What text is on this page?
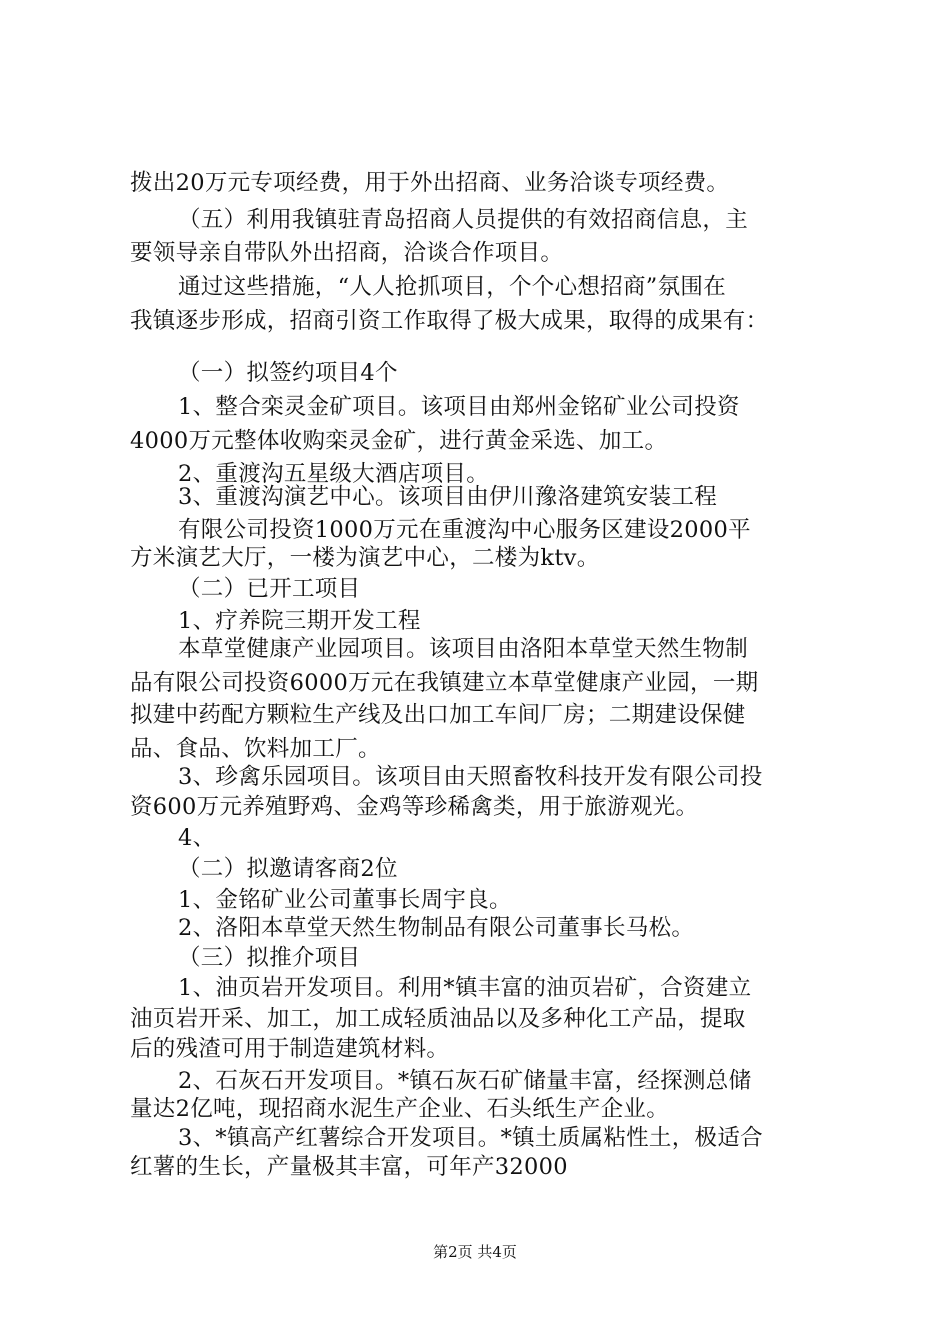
拨出20万元专项经费，用于外出招商、业务洽谈专项经费。
（五）利用我镇驻青岛招商人员提供的有效招商信息，主
要领导亲自带队外出招商，洽谈合作项目。
通过这些措施，“人人抢抓项目，个个心想招商”氛围在
我镇逐步形成，招商引资工作取得了极大成果，取得的成果有：
（一）拟签约项目4个
1、整合栾灵金矿项目。该项目由郑州金铭矿业公司投资
4000万元整体收购栾灵金矿，进行黄金采选、加工。
2、重渡沟五星级大酒店项目。
3、重渡沟演艺中心。该项目由伊川豫洛建筑安装工程
有限公司投资1000万元在重渡沟中心服务区建设2000平
方米演艺大厅，一楼为演艺中心，二楼为ktv。
（二）已开工项目
1、疗养院三期开发工程
本草堂健康产业园项目。该项目由洛阳本草堂天然生物制
品有限公司投资6000万元在我镇建立本草堂健康产业园，一期
拟建中药配方颗粒生产线及出口加工车间厂房；二期建设保健
品、食品、饮料加工厂。
3、珍禽乐园项目。该项目由天照畜牧科技开发有限公司投
资600万元养殖野鸡、金鸡等珍稀禽类，用于旅游观光。
4、
（二）拟邀请客商2位
1、金铭矿业公司董事长周宇良。
2、洛阳本草堂天然生物制品有限公司董事长马松。
（三）拟推介项目
1、油页岩开发项目。利用*镇丰富的油页岩矿，合资建立
油页岩开采、加工，加工成轻质油品以及多种化工产品，提取
后的残渣可用于制造建筑材料。
2、石灰石开发项目。*镇石灰石矿储量丰富，经探测总储
量达2亿吨，现招商水泥生产企业、石头纸生产企业。
3、*镇高产红薯综合开发项目。*镇土质属粘性土，极适合
红薯的生长，产量极其丰富，可年产32000
第2页 共4页
